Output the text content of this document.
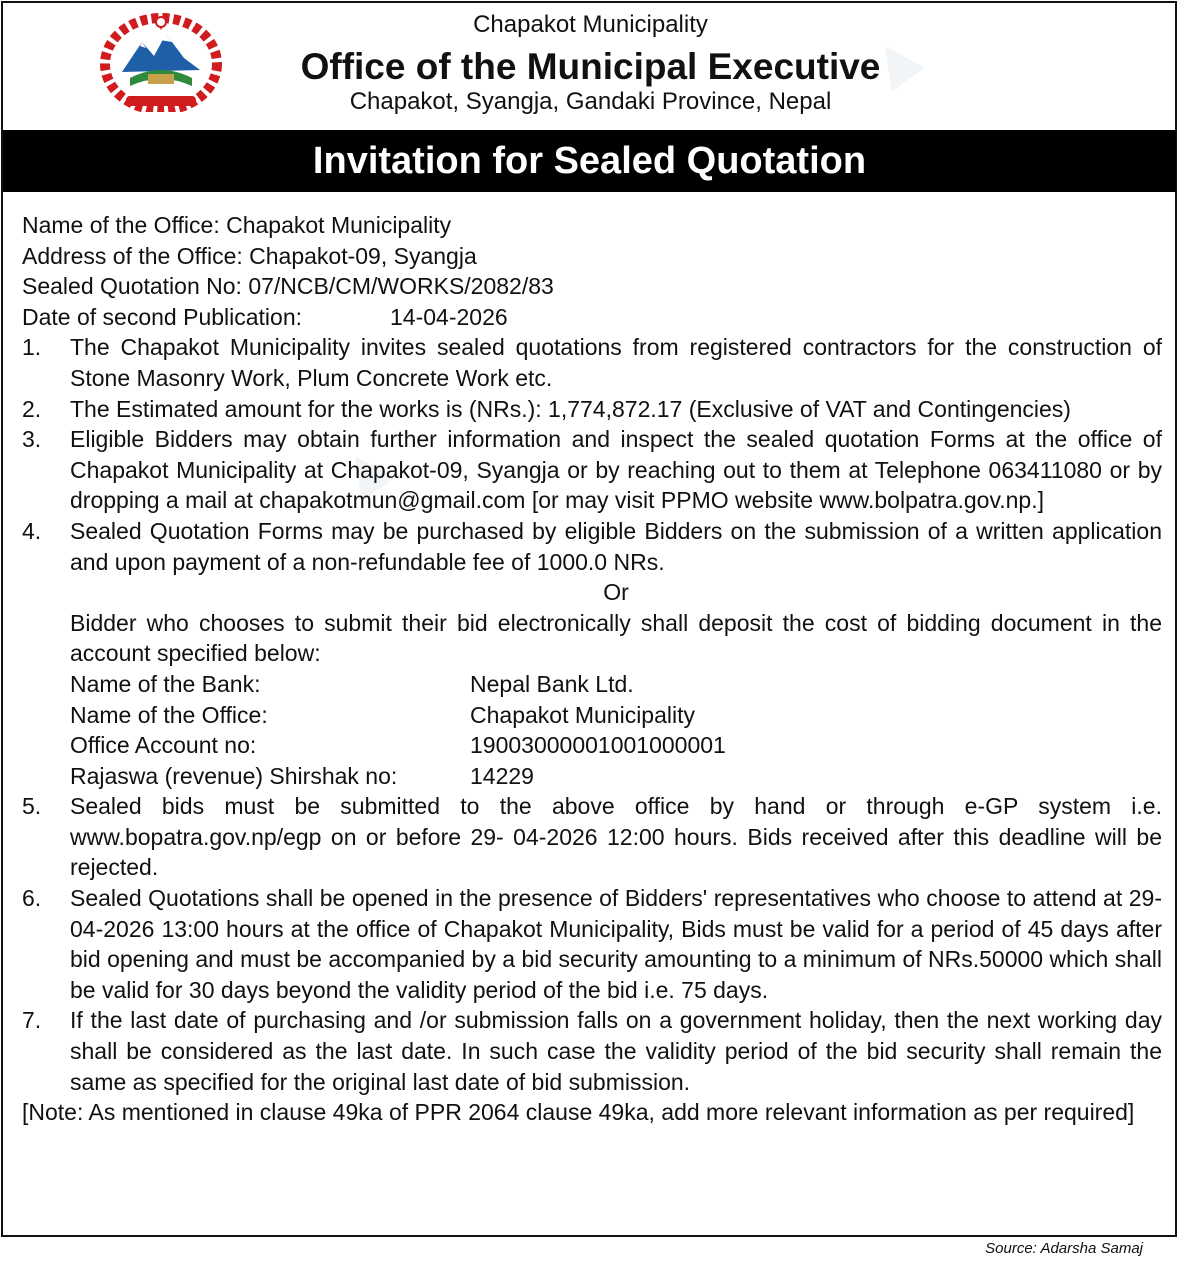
Chapakot Municipality
Office of the Municipal Executive
Chapakot, Syangja, Gandaki Province, Nepal
Invitation for Sealed Quotation
▲
▲
Name of the Office: Chapakot Municipality
Address of the Office: Chapakot-09, Syangja
Sealed Quotation No: 07/NCB/CM/WORKS/2082/83
Date of second Publication:	14-04-2026
1. The Chapakot Municipality invites sealed quotations from registered contractors for the construction of Stone Masonry Work, Plum Concrete Work etc.
2. The Estimated amount for the works is (NRs.): 1,774,872.17 (Exclusive of VAT and Contingencies)
3. Eligible Bidders may obtain further information and inspect the sealed quotation Forms at the office of Chapakot Municipality at Chapakot-09, Syangja or by reaching out to them at Telephone 063411080 or by dropping a mail at chapakotmun@gmail.com [or may visit PPMO website www.bolpatra.gov.np.]
4. Sealed Quotation Forms may be purchased by eligible Bidders on the submission of a written application and upon payment of a non-refundable fee of 1000.0 NRs.
Or
Bidder who chooses to submit their bid electronically shall deposit the cost of bidding document in the account specified below:
Name of the Bank:	Nepal Bank Ltd.
Name of the Office:	Chapakot Municipality
Office Account no:	19003000001001000001
Rajaswa (revenue) Shirshak no:	14229
5. Sealed bids must be submitted to the above office by hand or through e-GP system i.e. www.bopatra.gov.np/egp on or before 29- 04-2026 12:00 hours. Bids received after this deadline will be rejected.
6. Sealed Quotations shall be opened in the presence of Bidders' representatives who choose to attend at 29-04-2026 13:00 hours at the office of Chapakot Municipality, Bids must be valid for a period of 45 days after bid opening and must be accompanied by a bid security amounting to a minimum of NRs.50000 which shall be valid for 30 days beyond the validity period of the bid i.e. 75 days.
7. If the last date of purchasing and /or submission falls on a government holiday, then the next working day shall be considered as the last date. In such case the validity period of the bid security shall remain the same as specified for the original last date of bid submission.
[Note: As mentioned in clause 49ka of PPR 2064 clause 49ka, add more relevant information as per required]
Source: Adarsha Samaj
